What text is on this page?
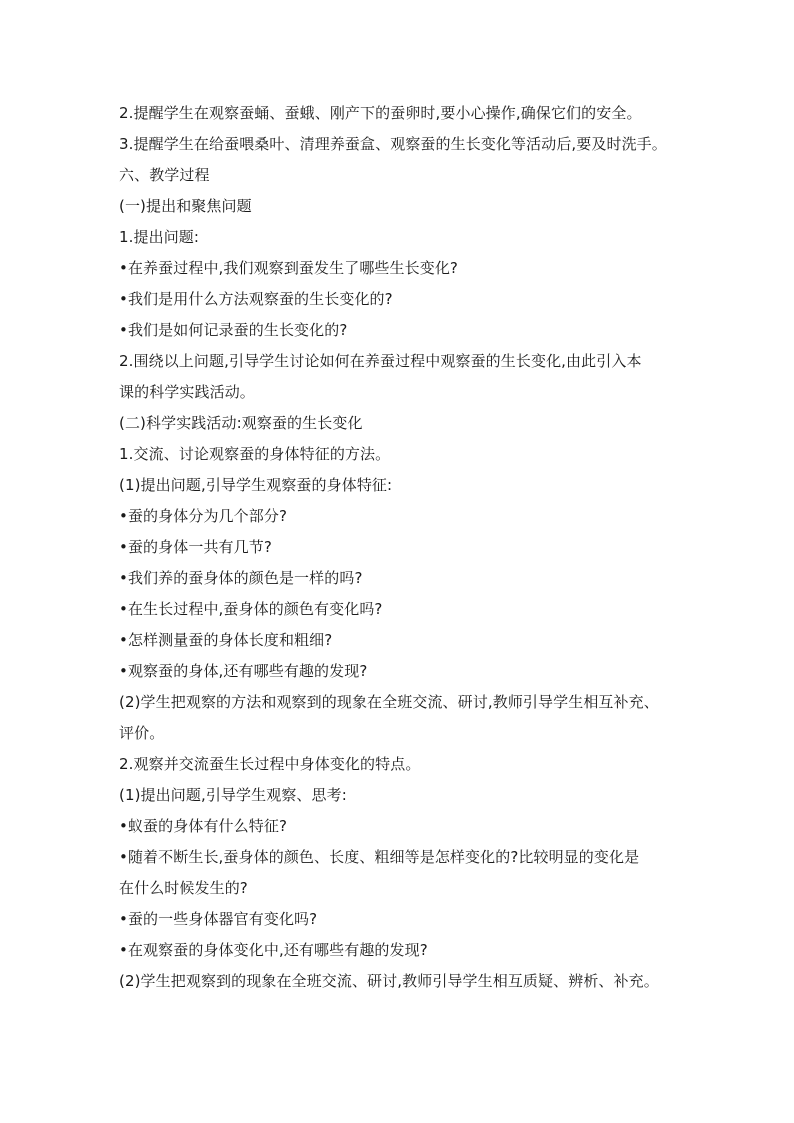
2.提醒学生在观察蚕蛹、蚕蛾、刚产下的蚕卵时,要小心操作,确保它们的安全。
3.提醒学生在给蚕喂桑叶、清理养蚕盒、观察蚕的生长变化等活动后,要及时洗手。
六、教学过程
(一)提出和聚焦问题
1.提出问题:
•在养蚕过程中,我们观察到蚕发生了哪些生长变化?
•我们是用什么方法观察蚕的生长变化的?
•我们是如何记录蚕的生长变化的?
2.围绕以上问题,引导学生讨论如何在养蚕过程中观察蚕的生长变化,由此引入本
课的科学实践活动。
(二)科学实践活动:观察蚕的生长变化
1.交流、讨论观察蚕的身体特征的方法。
(1)提出问题,引导学生观察蚕的身体特征:
•蚕的身体分为几个部分?
•蚕的身体一共有几节?
•我们养的蚕身体的颜色是一样的吗?
•在生长过程中,蚕身体的颜色有变化吗?
•怎样测量蚕的身体长度和粗细?
•观察蚕的身体,还有哪些有趣的发现?
(2)学生把观察的方法和观察到的现象在全班交流、研讨,教师引导学生相互补充、
评价。
2.观察并交流蚕生长过程中身体变化的特点。
(1)提出问题,引导学生观察、思考:
•蚁蚕的身体有什么特征?
•随着不断生长,蚕身体的颜色、长度、粗细等是怎样变化的?比较明显的变化是
在什么时候发生的?
•蚕的一些身体器官有变化吗?
•在观察蚕的身体变化中,还有哪些有趣的发现?
(2)学生把观察到的现象在全班交流、研讨,教师引导学生相互质疑、辨析、补充。
